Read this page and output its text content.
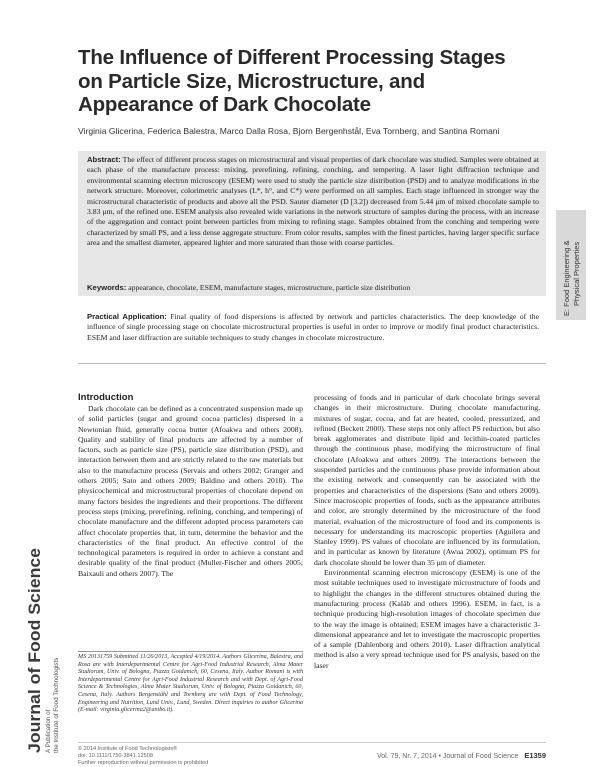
The Influence of Different Processing Stages on Particle Size, Microstructure, and Appearance of Dark Chocolate
Virginia Glicerina, Federica Balestra, Marco Dalla Rosa, Bjorn Bergenhstål, Eva Tornberg, and Santina Romani
Abstract: The effect of different process stages on microstructural and visual properties of dark chocolate was studied. Samples were obtained at each phase of the manufacture process: mixing, prerefining, refining, conching, and tempering. A laser light diffraction technique and environmental scanning electron microscopy (ESEM) were used to study the particle size distribution (PSD) and to analyze modifications in the network structure. Moreover, colorimetric analyses (L*, h°, and C*) were performed on all samples. Each stage influenced in stronger way the microstructural characteristic of products and above all the PSD. Sauter diameter (D [3.2]) decreased from 5.44 μm of mixed chocolate sample to 3.83 μm, of the refined one. ESEM analysis also revealed wide variations in the network structure of samples during the process, with an increase of the aggregation and contact point between particles from mixing to refining stage. Samples obtained from the conching and tempering were characterized by small PS, and a less dense aggregate structure. From color results, samples with the finest particles, having larger specific surface area and the smallest diameter, appeared lighter and more saturated than those with coarse particles.
Keywords: appearance, chocolate, ESEM, manufacture stages, microstructure, particle size distribution
Practical Application: Final quality of food dispersions is affected by network and particles characteristics. The deep knowledge of the influence of single processing stage on chocolate microstructural properties is useful in order to improve or modify final product characteristics. ESEM and laser diffraction are suitable techniques to study changes in chocolate microstructure.
Introduction
Dark chocolate can be defined as a concentrated suspension made up of solid particles (sugar and ground cocoa particles) dispersed in a Newtonian fluid, generally cocoa butter (Afoakwa and others 2008). Quality and stability of final products are affected by a number of factors, such as particle size (PS), particle size distribution (PSD), and interaction between them and are strictly related to the raw materials but also to the manufacture process (Servais and others 2002; Granger and others 2005; Sato and others 2009; Baldino and others 2010). The physicochemical and microstructural properties of chocolate depend on many factors besides the ingredients and their proportions. The different process steps (mixing, prerefining, refining, conching, and tempering) of chocolate manufacture and the different adopted process parameters can affect chocolate properties that, in turn, determine the behavior and the characteristics of the final product. An effective control of the technological parameters is required in order to achieve a constant and desirable quality of the final product (Muller-Fischer and others 2005; Baixauli and others 2007). The
processing of foods and in particular of dark chocolate brings several changes in their microstructure. During chocolate manufacturing, mixtures of sugar, cocoa, and fat are heated, cooled, pressurized, and refined (Beckett 2000). These steps not only affect PS reduction, but also break agglomerates and distribute lipid and lecithin-coated particles through the continuous phase, modifying the microstructure of final chocolate (Afoakwa and others 2009). The interactions between the suspended particles and the continuous phase provide information about the existing network and consequently can be associated with the properties and characteristics of the dispersions (Sato and others 2009). Since macroscopic properties of foods, such as the appearance attributes and color, are strongly determined by the microstructure of the food material, evaluation of the microstructure of food and its components is necessary for understanding its macroscopic properties (Aguilera and Stanley 1999). PS values of chocolate are influenced by its formulation, and in particular as known by literature (Awua 2002), optimum PS for dark chocolate should be lower than 35 μm of diameter.
Environmental scanning electron microscopy (ESEM) is one of the most suitable techniques used to investigate microstructure of foods and to highlight the changes in the different structures obtained during the manufacturing process (Kaláb and others 1996). ESEM, in fact, is a technique producing high-resolution images of chocolate specimen due to the way the image is obtained; ESEM images have a characteristic 3-dimensional appearance and let to investigate the macroscopic properties of a sample (Dahlenborg and others 2010). Laser diffraction analytical method is also a very spread technique used for PS analysis, based on the laser
MS 20131759 Submitted 11/26/2013, Accepted 4/19/2014. Authors Glicerina, Balestra, and Rosa are with Interdepartmental Centre for Agri-Food Industrial Research, Alma Mater Studiorum, Univ. of Bologna, Piazza Goidanich, 60, Cesena, Italy. Author Romani is with Interdepartmental Centre for Agri-Food Industrial Research and with Dept. of Agri-Food Science & Technologies, Alma Mater Studiorum, Univ. of Bologna, Piazza Goidanich, 60, Cesena, Italy. Authors Bergenståhl and Tornberg are with Dept. of Food Technology, Engineering and Nutrition, Lund Univ., Lund, Sweden. Direct inquiries to author Glicerina (E-mail: virginia.glicerina2@unibo.it).
© 2014 Institute of Food Technologists®
doi: 10.1111/1750-3841.12508
Further reproduction without permission is prohibited
Vol. 79, Nr. 7, 2014 • Journal of Food Science E1359
Journal of Food Science A Publication of the Institute of Food Technologists
E: Food Engineering & Physical Properties
